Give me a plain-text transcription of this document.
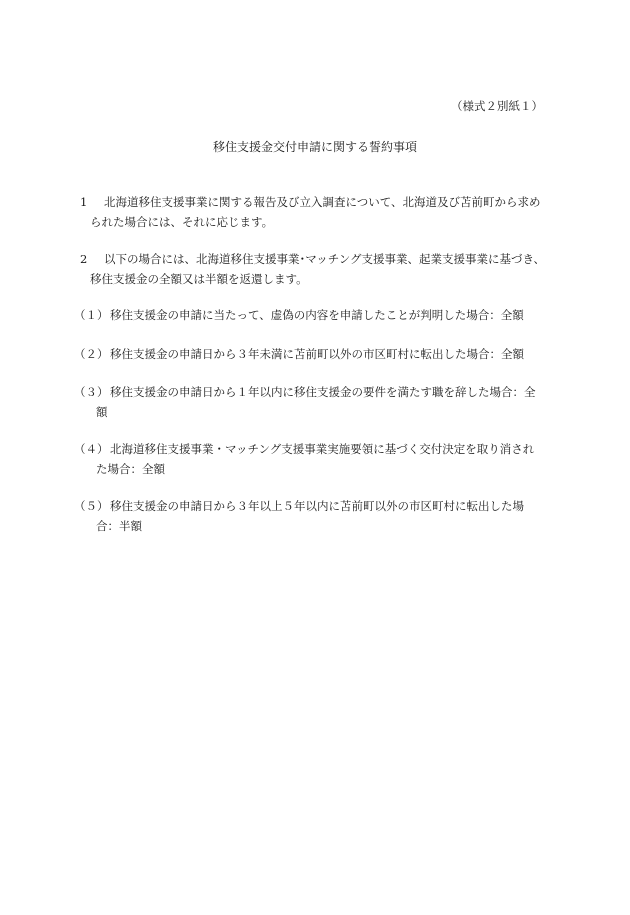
（様式２別紙１）
移住支援金交付申請に関する誓約事項
1 北海道移住支援事業に関する報告及び立入調査について、北海道及び苫前町から求め
られた場合には、それに応じます。
2 以下の場合には、北海道移住支援事業･マッチング支援事業、起業支援事業に基づき、
移住支援金の全額又は半額を返還します。
（１） 移住支援金の申請に当たって、虚偽の内容を申請したことが判明した場合：全額
（２） 移住支援金の申請日から３年未満に苫前町以外の市区町村に転出した場合：全額
（３） 移住支援金の申請日から１年以内に移住支援金の要件を満たす職を辞した場合：全
額
（４） 北海道移住支援事業・マッチング支援事業実施要領に基づく交付決定を取り消され
た場合：全額
（５） 移住支援金の申請日から３年以上５年以内に苫前町以外の市区町村に転出した場
合：半額
